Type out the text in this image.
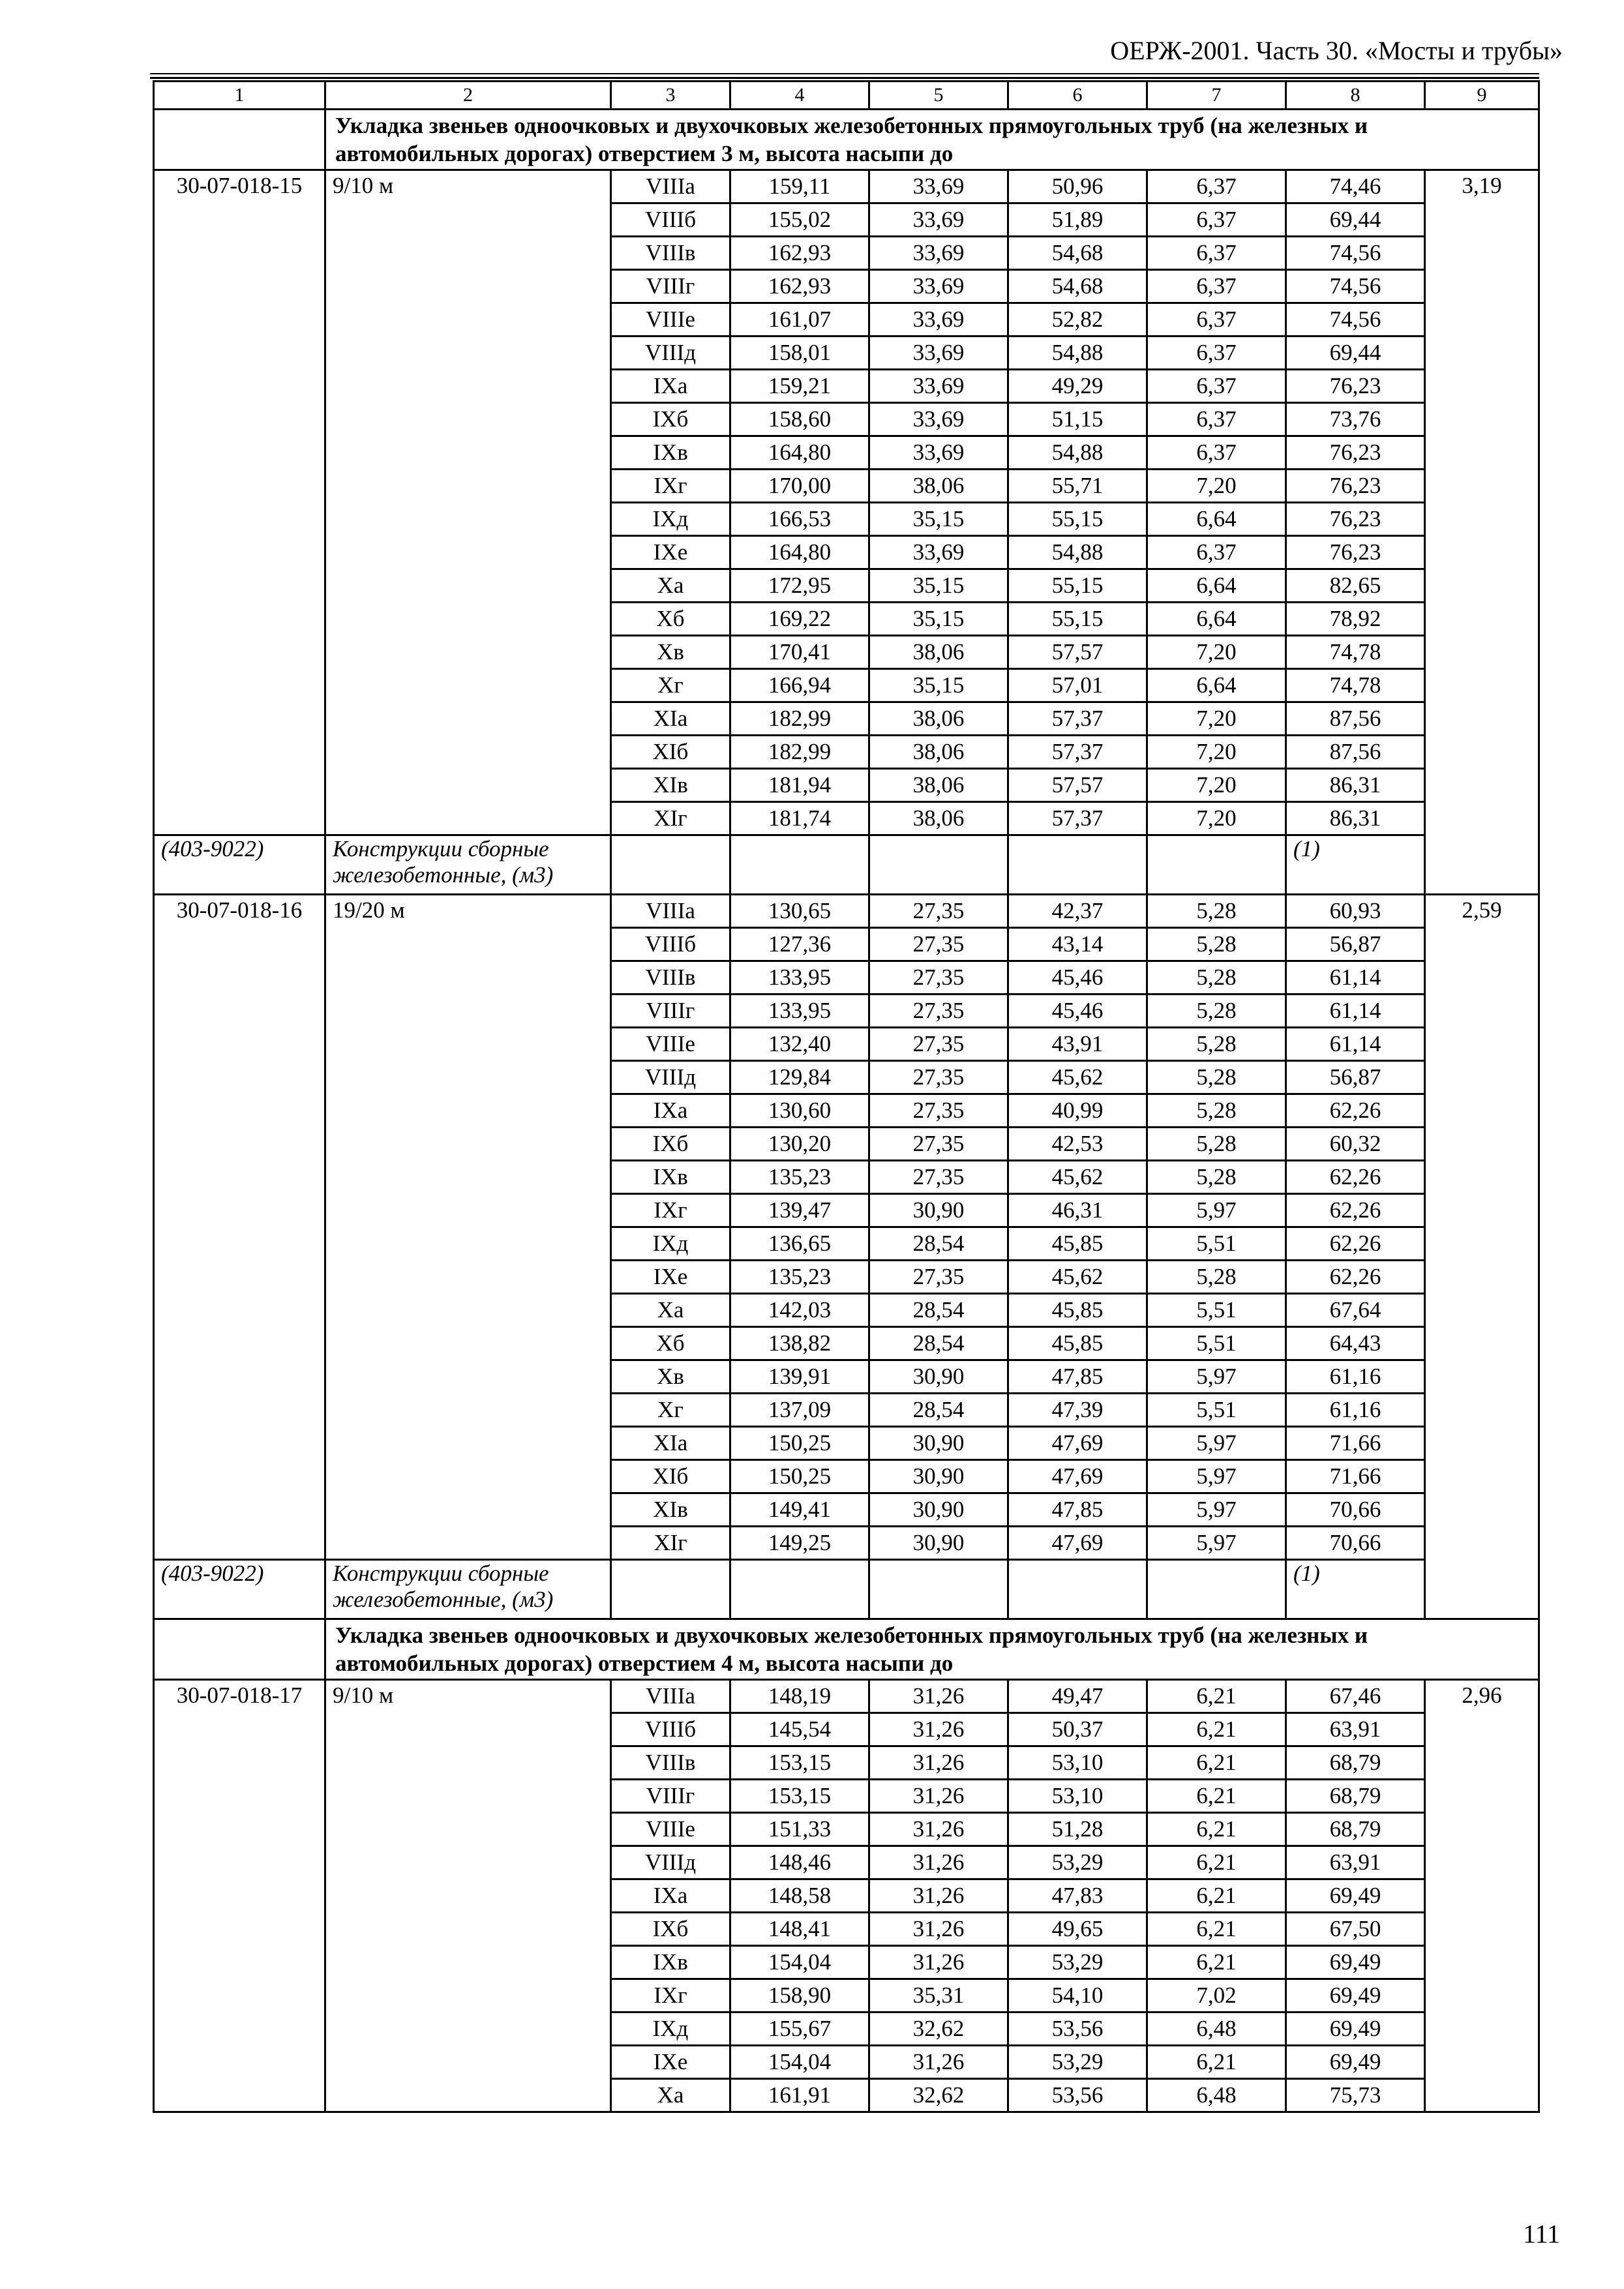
ОЕРЖ-2001. Часть 30. «Мосты и трубы»
1	2	3	4	5	6	7	8	9
	Укладка звеньев одноочковых и двухочковых железобетонных прямоугольных труб (на железных и автомобильных дорогах) отверстием 3 м, высота насыпи до							
30-07-018-15	9/10 м	VIIIа	159,11	33,69	50,96	6,37	74,46	3,19
		VIIIб	155,02	33,69	51,89	6,37	69,44	
		VIIIв	162,93	33,69	54,68	6,37	74,56	
		VIIIг	162,93	33,69	54,68	6,37	74,56	
		VIIIе	161,07	33,69	52,82	6,37	74,56	
		VIIIд	158,01	33,69	54,88	6,37	69,44	
		IXа	159,21	33,69	49,29	6,37	76,23	
		IXб	158,60	33,69	51,15	6,37	73,76	
		IXв	164,80	33,69	54,88	6,37	76,23	
		IXг	170,00	38,06	55,71	7,20	76,23	
		IXд	166,53	35,15	55,15	6,64	76,23	
		IXе	164,80	33,69	54,88	6,37	76,23	
		Xа	172,95	35,15	55,15	6,64	82,65	
		Xб	169,22	35,15	55,15	6,64	78,92	
		Xв	170,41	38,06	57,57	7,20	74,78	
		Xг	166,94	35,15	57,01	6,64	74,78	
		XIа	182,99	38,06	57,37	7,20	87,56	
		XIб	182,99	38,06	57,37	7,20	87,56	
		XIв	181,94	38,06	57,57	7,20	86,31	
		XIг	181,74	38,06	57,37	7,20	86,31	
(403-9022)	Конструкции сборные железобетонные, (м3)						(1)	
30-07-018-16	19/20 м	VIIIа	130,65	27,35	42,37	5,28	60,93	2,59
		VIIIб	127,36	27,35	43,14	5,28	56,87	
		VIIIв	133,95	27,35	45,46	5,28	61,14	
		VIIIг	133,95	27,35	45,46	5,28	61,14	
		VIIIе	132,40	27,35	43,91	5,28	61,14	
		VIIIд	129,84	27,35	45,62	5,28	56,87	
		IXа	130,60	27,35	40,99	5,28	62,26	
		IXб	130,20	27,35	42,53	5,28	60,32	
		IXв	135,23	27,35	45,62	5,28	62,26	
		IXг	139,47	30,90	46,31	5,97	62,26	
		IXд	136,65	28,54	45,85	5,51	62,26	
		IXе	135,23	27,35	45,62	5,28	62,26	
		Xа	142,03	28,54	45,85	5,51	67,64	
		Xб	138,82	28,54	45,85	5,51	64,43	
		Xв	139,91	30,90	47,85	5,97	61,16	
		Xг	137,09	28,54	47,39	5,51	61,16	
		XIа	150,25	30,90	47,69	5,97	71,66	
		XIб	150,25	30,90	47,69	5,97	71,66	
		XIв	149,41	30,90	47,85	5,97	70,66	
		XIг	149,25	30,90	47,69	5,97	70,66	
(403-9022)	Конструкции сборные железобетонные, (м3)						(1)	
	Укладка звеньев одноочковых и двухочковых железобетонных прямоугольных труб (на железных и автомобильных дорогах) отверстием 4 м, высота насыпи до							
30-07-018-17	9/10 м	VIIIа	148,19	31,26	49,47	6,21	67,46	2,96
		VIIIб	145,54	31,26	50,37	6,21	63,91	
		VIIIв	153,15	31,26	53,10	6,21	68,79	
		VIIIг	153,15	31,26	53,10	6,21	68,79	
		VIIIе	151,33	31,26	51,28	6,21	68,79	
		VIIIд	148,46	31,26	53,29	6,21	63,91	
		IXа	148,58	31,26	47,83	6,21	69,49	
		IXб	148,41	31,26	49,65	6,21	67,50	
		IXв	154,04	31,26	53,29	6,21	69,49	
		IXг	158,90	35,31	54,10	7,02	69,49	
		IXд	155,67	32,62	53,56	6,48	69,49	
		IXе	154,04	31,26	53,29	6,21	69,49	
		Xа	161,91	32,62	53,56	6,48	75,73	
111
